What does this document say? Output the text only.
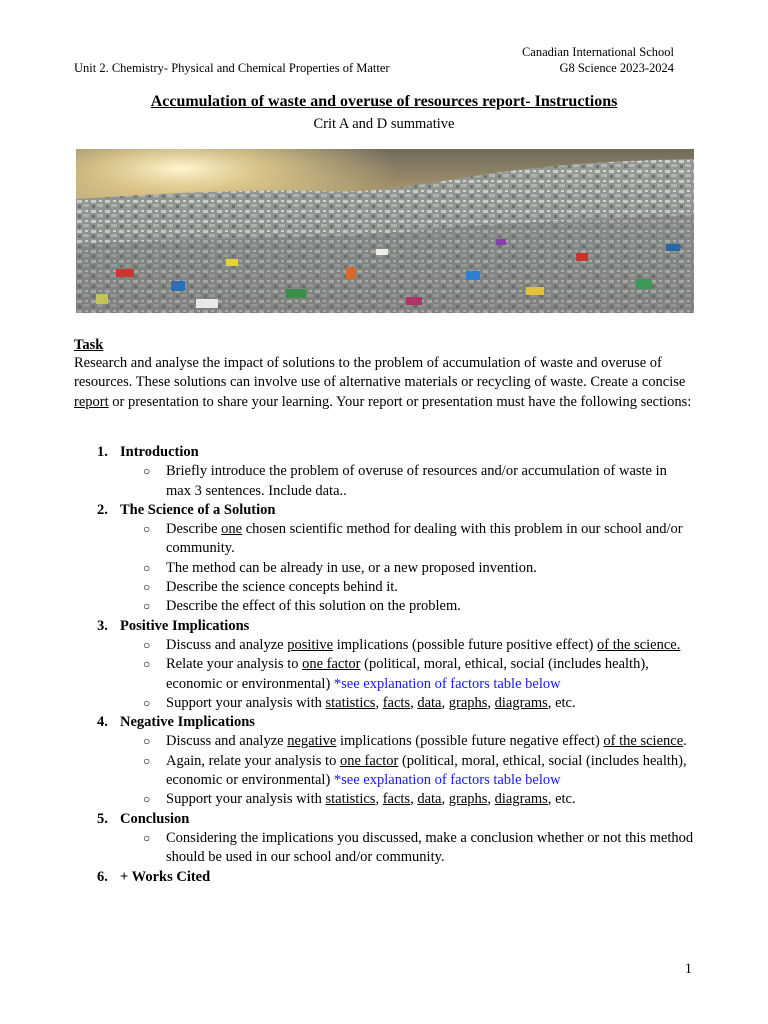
Canadian International School
G8 Science 2023-2024
Unit 2. Chemistry- Physical and Chemical Properties of Matter
Accumulation of waste and overuse of resources report- Instructions
Crit A and D summative
Task
Research and analyse the impact of solutions to the problem of accumulation of waste and overuse of resources. These solutions can involve use of alternative materials or recycling of waste. Create a concise report or presentation to share your learning. Your report or presentation must have the following sections:
1. Introduction
○ Briefly introduce the problem of overuse of resources and/or accumulation of waste in max 3 sentences. Include data..
2. The Science of a Solution
○ Describe one chosen scientific method for dealing with this problem in our school and/or community.
○ The method can be already in use, or a new proposed invention.
○ Describe the science concepts behind it.
○ Describe the effect of this solution on the problem.
3. Positive Implications
○ Discuss and analyze positive implications (possible future positive effect) of the science.
○ Relate your analysis to one factor (political, moral, ethical, social (includes health), economic or environmental) *see explanation of factors table below
○ Support your analysis with statistics, facts, data, graphs, diagrams, etc.
4. Negative Implications
○ Discuss and analyze negative implications (possible future negative effect) of the science.
○ Again, relate your analysis to one factor (political, moral, ethical, social (includes health), economic or environmental) *see explanation of factors table below
○ Support your analysis with statistics, facts, data, graphs, diagrams, etc.
5. Conclusion
○ Considering the implications you discussed, make a conclusion whether or not this method should be used in our school and/or community.
6. + Works Cited
1
